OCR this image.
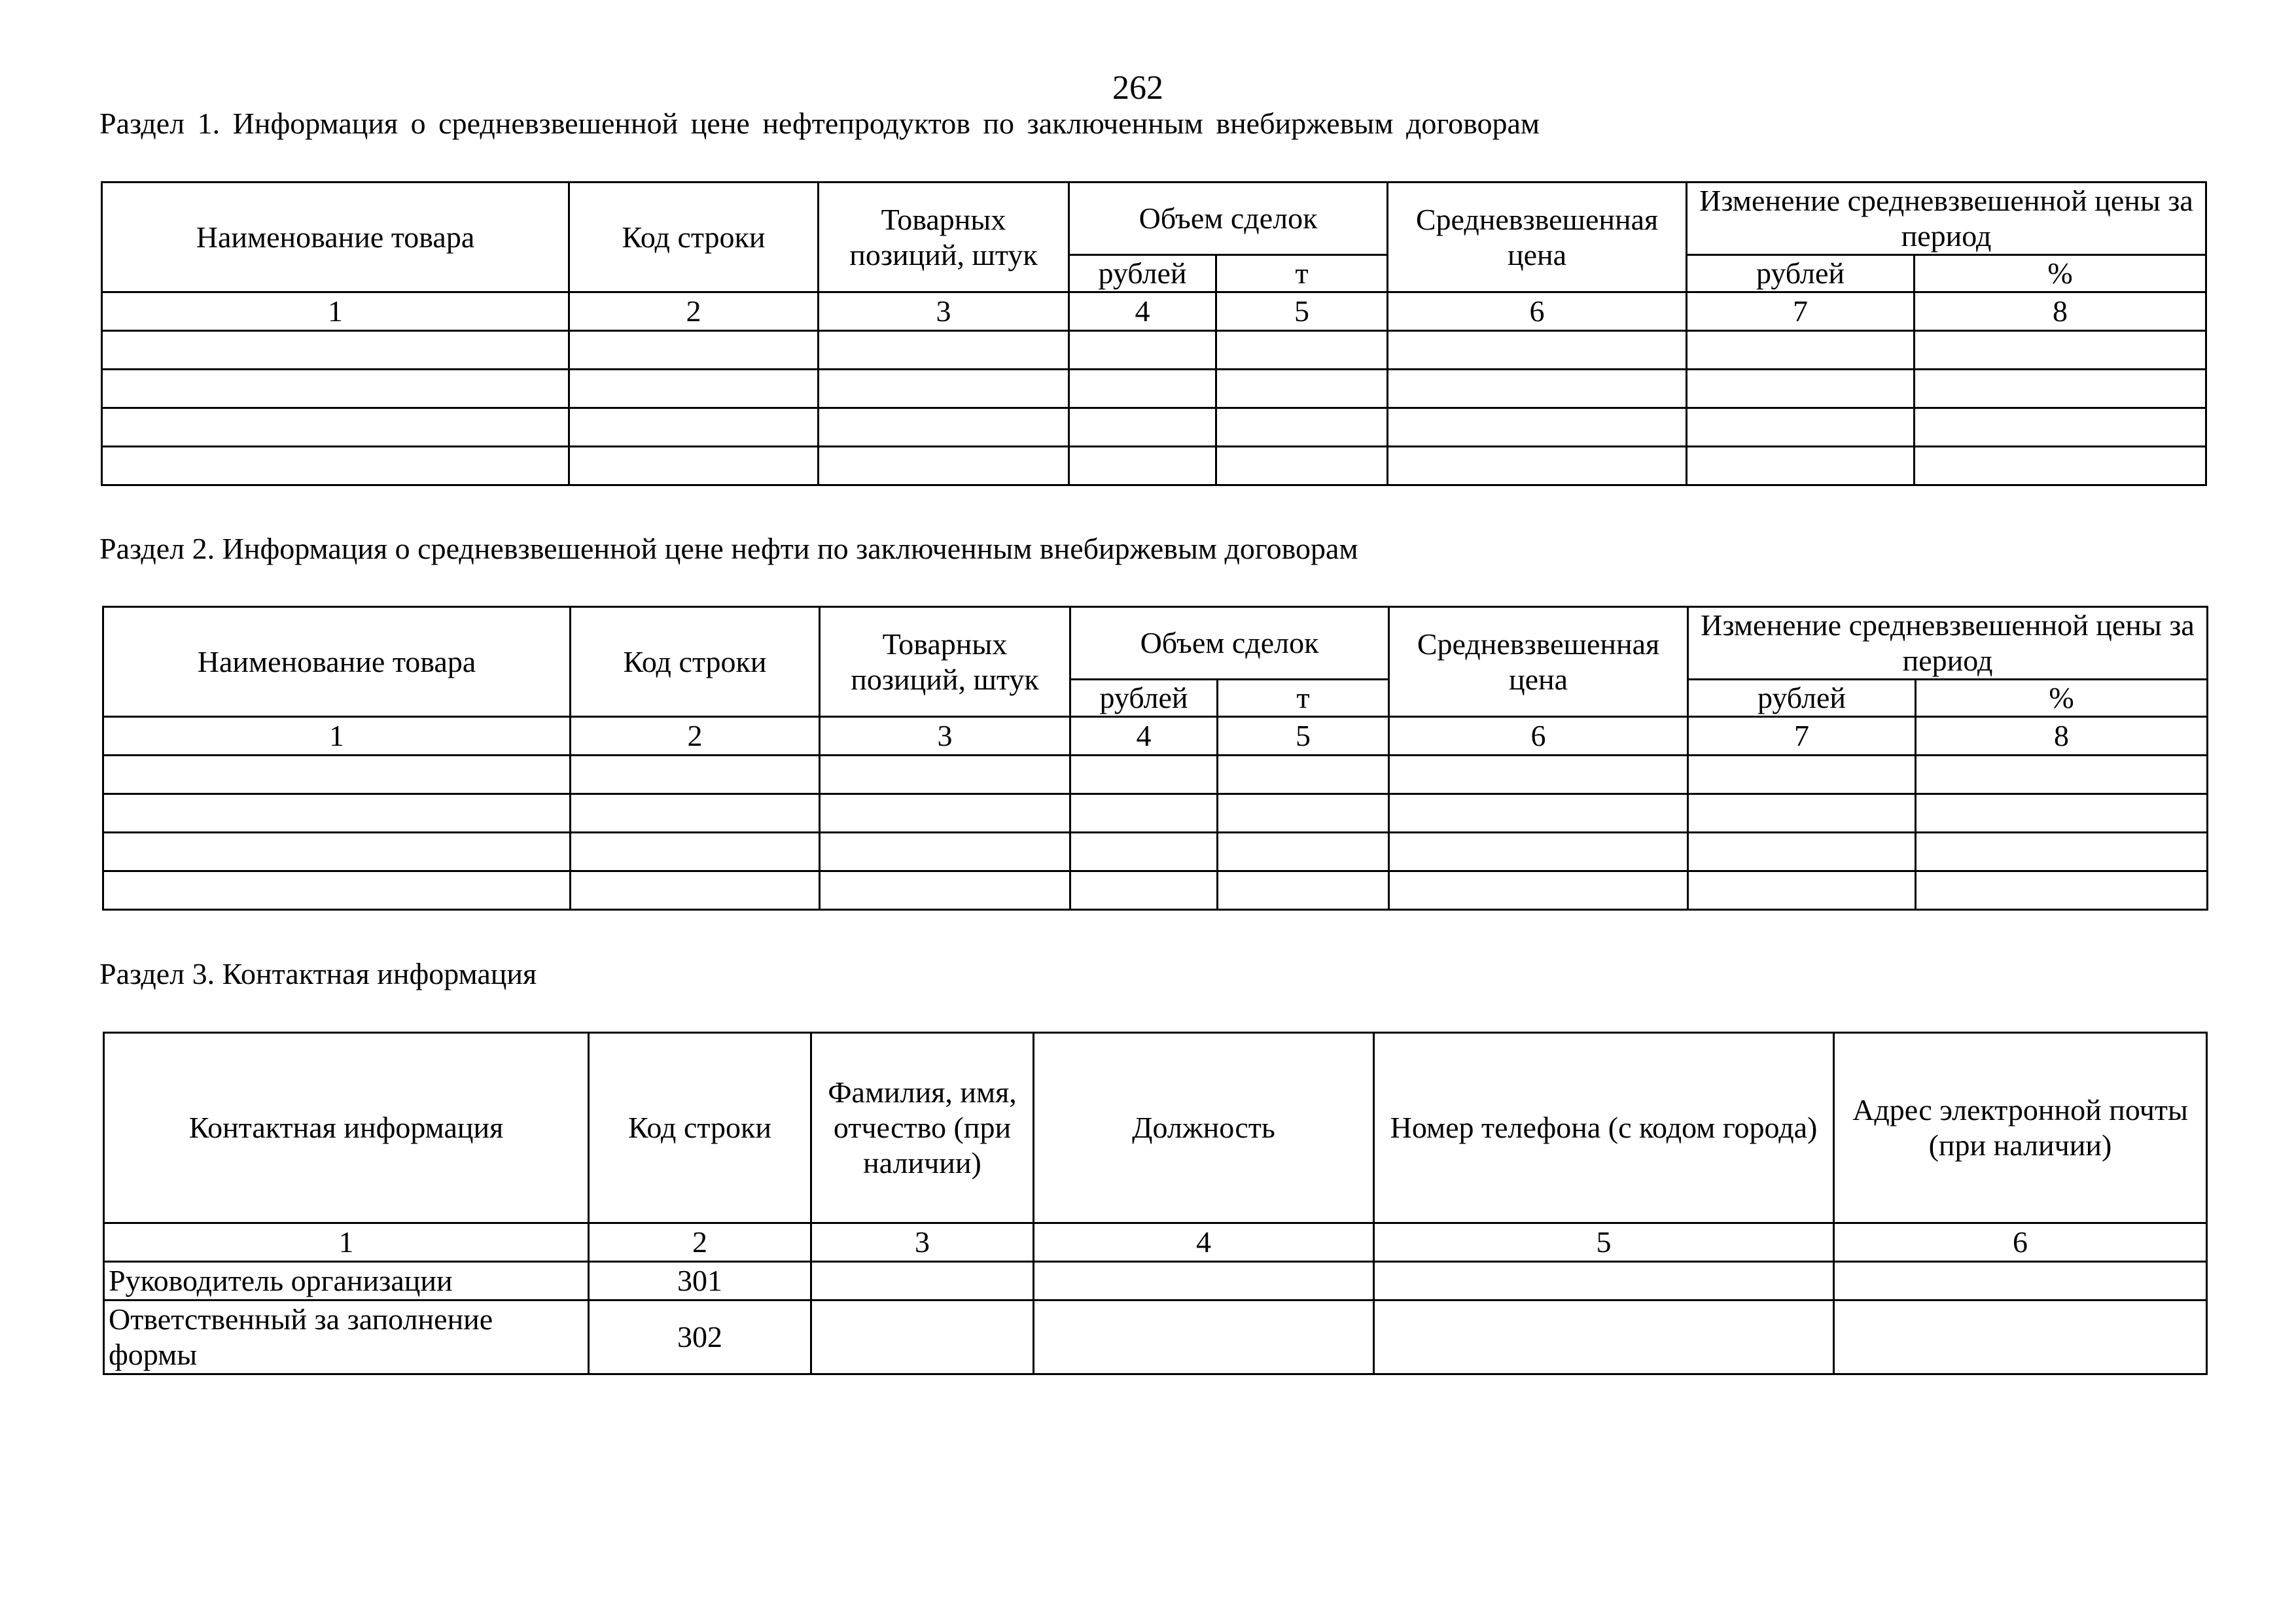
262
Раздел 1. Информация о средневзвешенной цене нефтепродуктов по заключенным внебиржевым договорам
Наименование товара	Код строки	Товарных позиций, штук	Объем сделок		Средневзвешенная цена	Изменение средневзвешенной цены за период	
			рублей	т		рублей	%
1	2	3	4	5	6	7	8

Раздел 2. Информация о средневзвешенной цене нефти по заключенным внебиржевым договорам
Наименование товара	Код строки	Товарных позиций, штук	Объем сделок		Средневзвешенная цена	Изменение средневзвешенной цены за период	
			рублей	т		рублей	%
1	2	3	4	5	6	7	8

Раздел 3. Контактная информация
Контактная информация	Код строки	Фамилия, имя, отчество (при наличии)	Должность	Номер телефона (с кодом города)	Адрес электронной почты (при наличии)
1	2	3	4	5	6
Руководитель организации	301				
Ответственный за заполнение формы	302				
